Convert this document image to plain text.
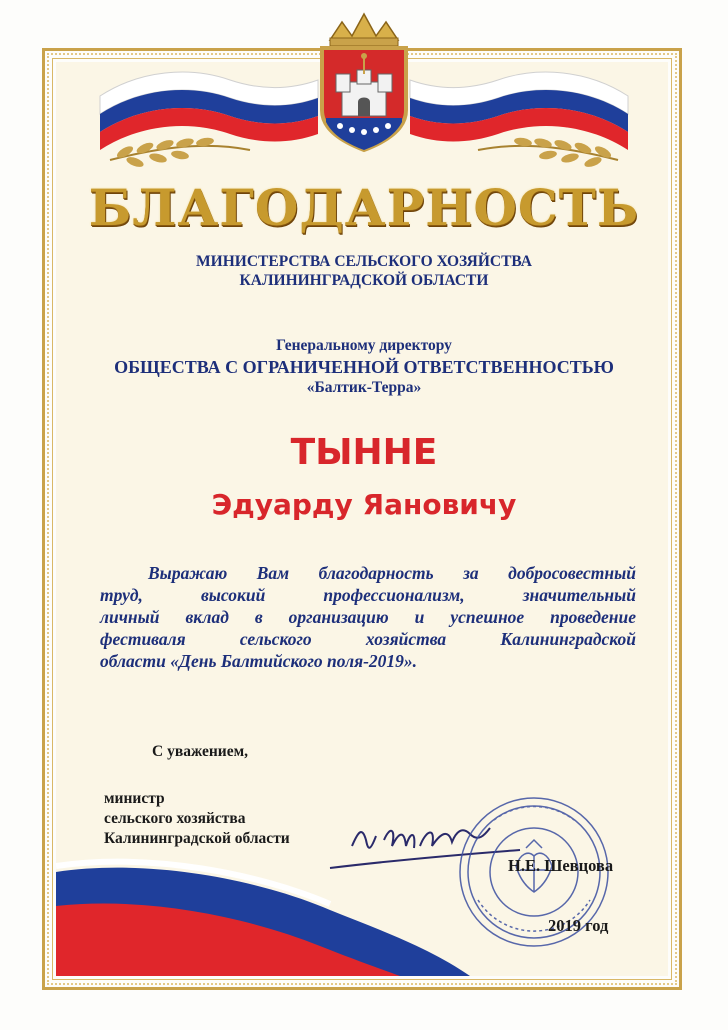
БЛАГОДАРНОСТЬ
МИНИСТЕРСТВА СЕЛЬСКОГО ХОЗЯЙСТВА
КАЛИНИНГРАДСКОЙ ОБЛАСТИ
Генеральному директору
ОБЩЕСТВА С ОГРАНИЧЕННОЙ ОТВЕТСТВЕННОСТЬЮ
«Балтик-Терра»
ТЫННЕ
Эдуарду Яановичу
Выражаю Вам благодарность за добросовестный
труд, высокий профессионализм, значительный
личный вклад в организацию и успешное проведение
фестиваля сельского хозяйства Калининградской
области «День Балтийского поля-2019».
С уважением,
министр
сельского хозяйства
Калининградской области
Н.Е. Шевцова
2019 год
